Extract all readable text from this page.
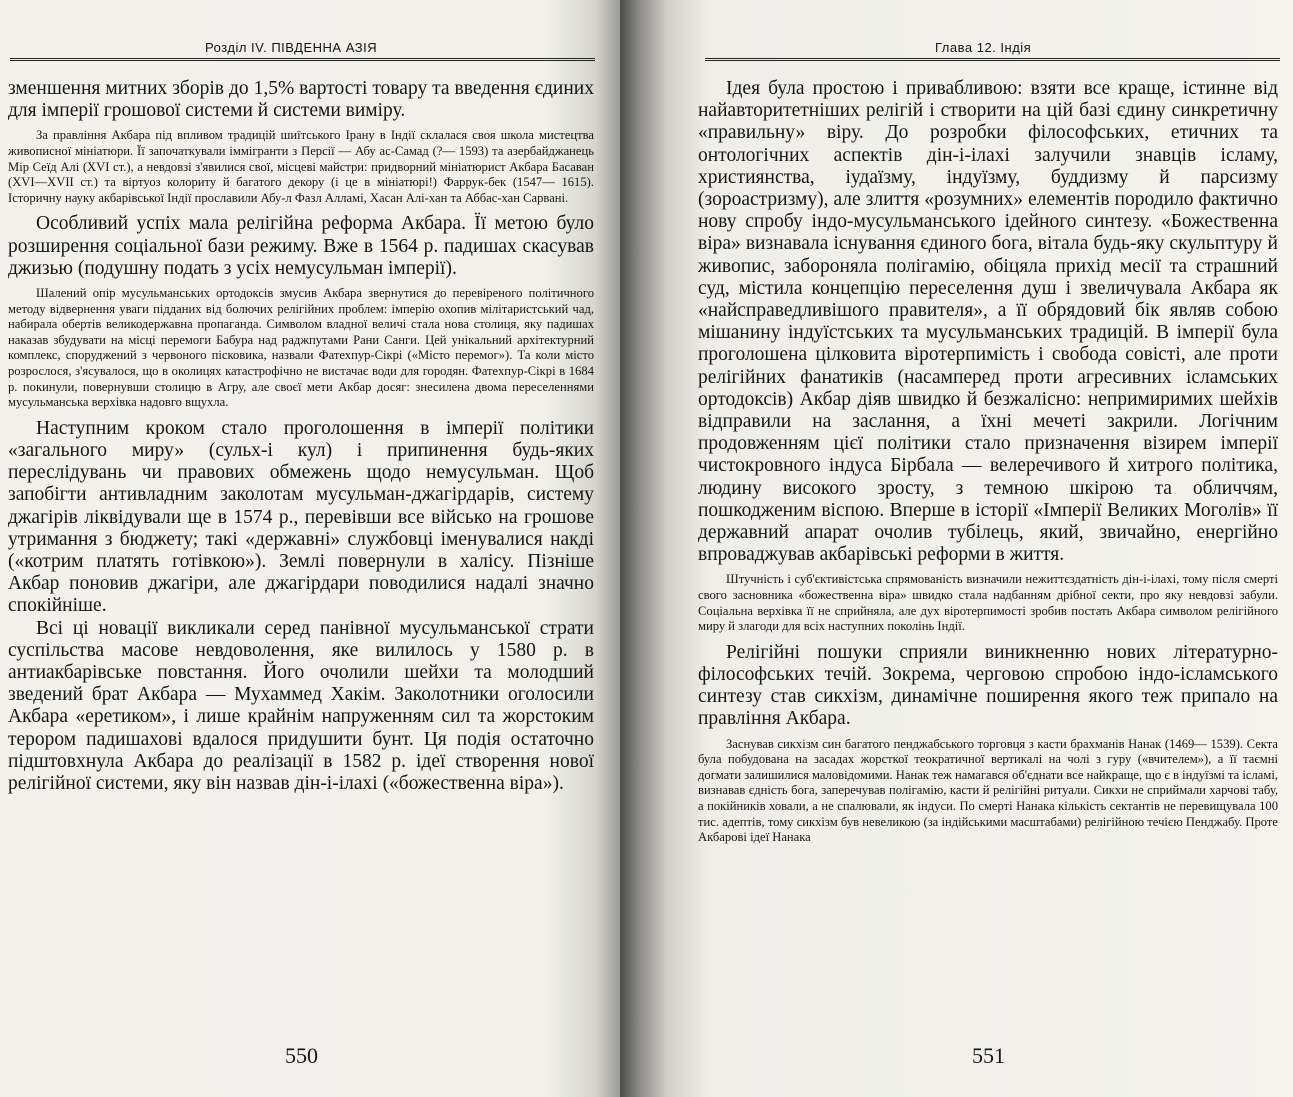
Розділ IV. ПІВДЕННА АЗІЯ

зменшення митних зборів до 1,5% вартості товару та введення єдиних для імперії грошової системи й системи виміру.

За правління Акбара під впливом традицій шиїтського Ірану в Індії склалася своя школа мистецтва живописної мініатюри. Її започаткували іммігранти з Персії — Абу ас-Самад (?— 1593) та азербайджанець Мір Сеїд Алі (XVI ст.), а невдовзі з'явилися свої, місцеві майстри: придворний мініатюрист Акбара Басаван (XVI—XVII ст.) та віртуоз колориту й багатого декору (і це в мініатюрі!) Фаррук-бек (1547— 1615). Історичну науку акбарівської Індії прославили Абу-л Фазл Алламі, Хасан Алі-хан та Аббас-хан Сарвані.

Особливий успіх мала релігійна реформа Акбара. Її метою було розширення соціальної бази режиму. Вже в 1564 р. падишах скасував джизью (подушну подать з усіх немусульман імперії).

Шалений опір мусульманських ортодоксів змусив Акбара звернутися до перевіреного політичного методу відвернення уваги підданих від болючих релігійних проблем: імперію охопив мілітаристський чад, набирала обертів великодержавна пропаганда. Символом владної величі стала нова столиця, яку падишах наказав збудувати на місці перемоги Бабура над раджпутами Рани Санги. Цей унікальний архітектурний комплекс, споруджений з червоного пісковика, назвали Фатехпур-Сікрі («Місто перемог»). Та коли місто розрослося, з'ясувалося, що в околицях катастрофічно не вистачає води для городян. Фатехпур-Сікрі в 1684 р. покинули, повернувши столицю в Агру, але своєї мети Акбар досяг: знесилена двома переселеннями мусульманська верхівка надовго вщухла.

Наступним кроком стало проголошення в імперії політики «загального миру» (сульх-і кул) і припинення будь-яких переслідувань чи правових обмежень щодо немусульман. Щоб запобігти антивладним заколотам мусульман-джагірдарів, систему джагірів ліквідували ще в 1574 р., перевівши все військо на грошове утримання з бюджету; такі «державні» службовці іменувалися накді («котрим платять готівкою»). Землі повернули в халісу. Пізніше Акбар поновив джагіри, але джагірдари поводилися надалі значно спокійніше.

Всі ці новації викликали серед панівної мусульманської страти суспільства масове невдоволення, яке вилилось у 1580 р. в антиакбарівське повстання. Його очолили шейхи та молодший зведений брат Акбара — Мухаммед Хакім. Заколотники оголосили Акбара «еретиком», і лише крайнім напруженням сил та жорстоким терором падишахові вдалося придушити бунт. Ця подія остаточно підштовхнула Акбара до реалізації в 1582 р. ідеї створення нової релігійної системи, яку він назвав дін-і-ілахі («божественна віра»).

550
Глава 12. Індія

Ідея була простою і привабливою: взяти все краще, істинне від найавторитетніших релігій і створити на цій базі єдину синкретичну «правильну» віру. До розробки філософських, етичних та онтологічних аспектів дін-і-ілахі залучили знавців ісламу, християнства, іудаїзму, індуїзму, буддизму й парсизму (зороастризму), але злиття «розумних» елементів породило фактично нову спробу індо-мусульманського ідейного синтезу. «Божественна віра» визнавала існування єдиного бога, вітала будь-яку скульптуру й живопис, забороняла полігамію, обіцяла прихід месії та страшний суд, містила концепцію переселення душ і звеличувала Акбара як «найсправедливішого правителя», а її обрядовий бік являв собою мішанину індуїстських та мусульманських традицій. В імперії була проголошена цілковита віротерпимість і свобода совісті, але проти релігійних фанатиків (насамперед проти агресивних ісламських ортодоксів) Акбар діяв швидко й безжалісно: непримиримих шейхів відправили на заслання, а їхні мечеті закрили. Логічним продовженням цієї політики стало призначення візирем імперії чистокровного індуса Бірбала — велеречивого й хитрого політика, людину високого зросту, з темною шкірою та обличчям, пошкодженим віспою. Вперше в історії «Імперії Великих Моголів» її державний апарат очолив тубілець, який, звичайно, енергійно впроваджував акбарівські реформи в життя.

Штучність і суб'єктивістська спрямованість визначили нежиттєздатність дін-і-ілахі, тому після смерті свого засновника «божественна віра» швидко стала надбанням дрібної секти, про яку невдовзі забули. Соціальна верхівка її не сприйняла, але дух віротерпимості зробив постать Акбара символом релігійного миру й злагоди для всіх наступних поколінь Індії.

Релігійні пошуки сприяли виникненню нових літературно-філософських течій. Зокрема, черговою спробою індо-ісламського синтезу став сикхізм, динамічне поширення якого теж припало на правління Акбара.

Заснував сикхізм син багатого пенджабського торговця з касти брахманів Нанак (1469— 1539). Секта була побудована на засадах жорсткої теократичної вертикалі на чолі з гуру («вчителем»), а її таємні догмати залишилися маловідомими. Нанак теж намагався об'єднати все найкраще, що є в індуїзмі та ісламі, визнавав єдність бога, заперечував полігамію, касти й релігійні ритуали. Сикхи не сприймали харчові табу, а покійників ховали, а не спалювали, як індуси. По смерті Нанака кількість сектантів не перевищувала 100 тис. адептів, тому сикхізм був невеликою (за індійськими масштабами) релігійною течією Пенджабу. Проте Акбарові ідеї Нанака

551
